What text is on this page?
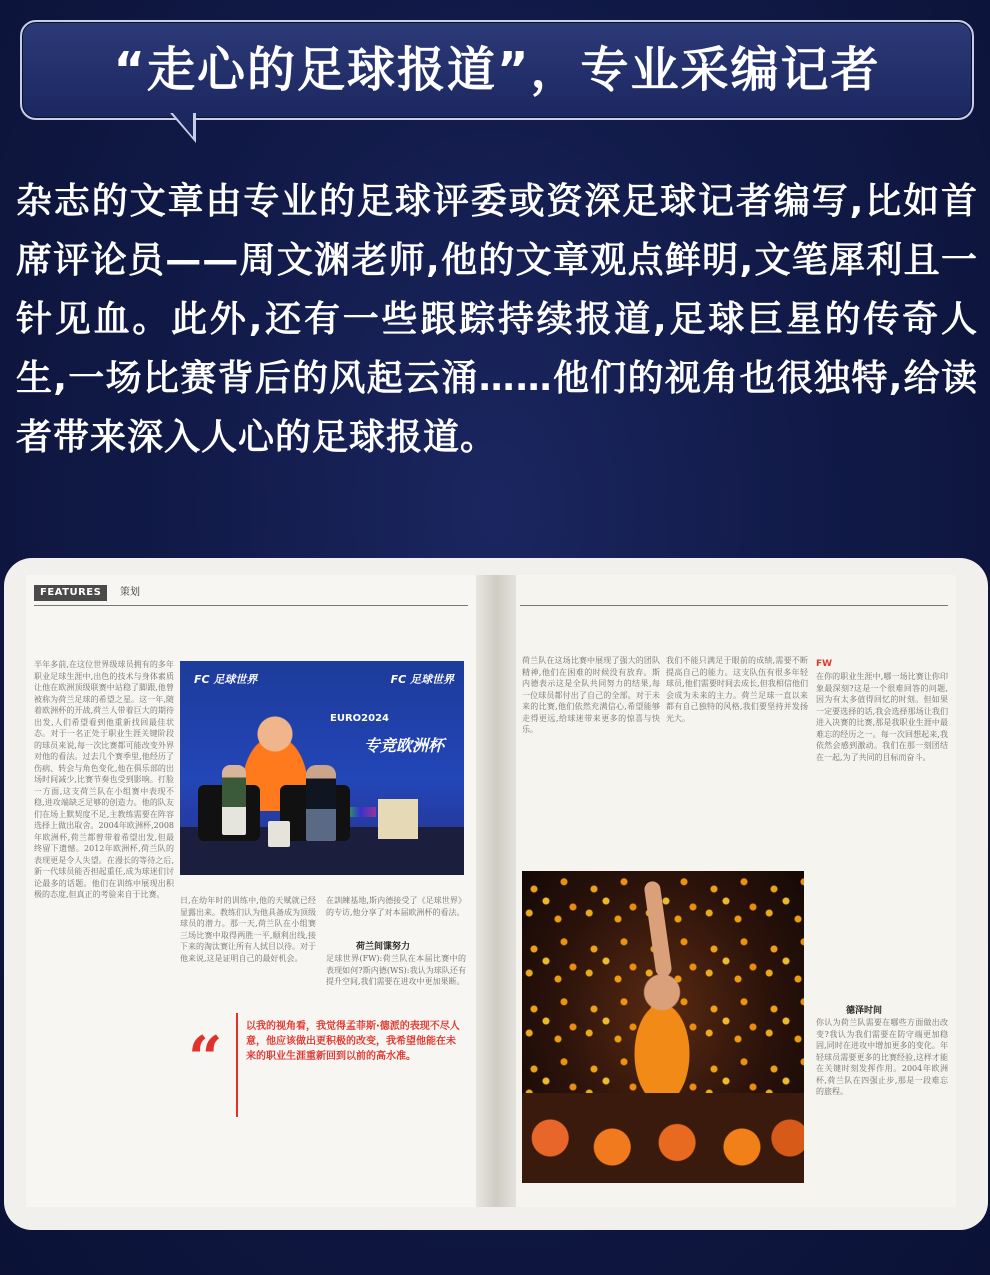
“走心的足球报道”，专业采编记者
杂志的文章由专业的足球评委或资深足球记者编写,比如首席评论员——周文渊老师,他的文章观点鲜明,文笔犀利且一针见血。此外,还有一些跟踪持续报道,足球巨星的传奇人生,一场比赛背后的风起云涌……他们的视角也很独特,给读者带来深入人心的足球报道。
FEATURES	策划
半年多前,在这位世界级球员拥有的多年职业足球生涯中,出色的技术与身体素质让他在欧洲顶级联赛中站稳了脚跟,他曾被称为荷兰足球的希望之星。这一年,随着欧洲杯的开战,荷兰人带着巨大的期待出发,人们希望看到他重新找回最佳状态。对于一名正处于职业生涯关键阶段的球员来说,每一次比赛都可能改变外界对他的看法。过去几个赛季里,他经历了伤病、转会与角色变化,他在俱乐部的出场时间减少,比赛节奏也受到影响。打脸一方面,这支荷兰队在小组赛中表现不稳,进攻端缺乏足够的创造力。他的队友们在场上默契度不足,主教练需要在阵容选择上做出取舍。2004年欧洲杯,2008年欧洲杯,荷兰都曾带着希望出发,但最终留下遗憾。2012年欧洲杯,荷兰队的表现更是令人失望。在漫长的等待之后,新一代球员能否担起重任,成为球迷们讨论最多的话题。他们在训练中展现出积极的态度,但真正的考验来自于比赛。
FC 足球世界	FC 足球世界
EURO2024
专竞欧洲杯
日,在幼年时的训练中,他的天赋就已经显露出来。教练们认为他具备成为顶级球员的潜力。那一天,荷兰队在小组赛三场比赛中取得两胜一平,顺利出线,接下来的淘汰赛让所有人拭目以待。对于他来说,这是证明自己的最好机会。
在訓練基地,斯内德接受了《足球世界》的专访,他分享了对本届欧洲杯的看法。
荷兰间谍努力
足球世界(FW):荷兰队在本届比赛中的表现如何?斯内德(WS):我认为球队还有提升空间,我们需要在进攻中更加果断。
“ 以我的视角看，我觉得孟菲斯·德派的表现不尽人意，他应该做出更积极的改变，我希望他能在未来的职业生涯重新回到以前的高水准。
荷兰队在这场比赛中展现了强大的团队精神,他们在困难的时候没有放弃。斯内德表示这是全队共同努力的结果,每一位球员都付出了自己的全部。对于未来的比赛,他们依然充满信心,希望能够走得更远,给球迷带来更多的惊喜与快乐。
我们不能只满足于眼前的成绩,需要不断提高自己的能力。这支队伍有很多年轻球员,他们需要时间去成长,但我相信他们会成为未来的主力。荷兰足球一直以来都有自己独特的风格,我们要坚持并发扬光大。
FW
在你的职业生涯中,哪一场比赛让你印象最深刻?这是一个很难回答的问题,因为有太多值得回忆的时刻。但如果一定要选择的话,我会选择那场让我们进入决赛的比赛,那是我职业生涯中最难忘的经历之一。每一次回想起来,我依然会感到激动。我们在那一刻团结在一起,为了共同的目标而奋斗。
德泽时间
你认为荷兰队需要在哪些方面做出改变?我认为我们需要在防守端更加稳固,同时在进攻中增加更多的变化。年轻球员需要更多的比赛经验,这样才能在关键时刻发挥作用。2004年欧洲杯,荷兰队在四强止步,那是一段难忘的旅程。
